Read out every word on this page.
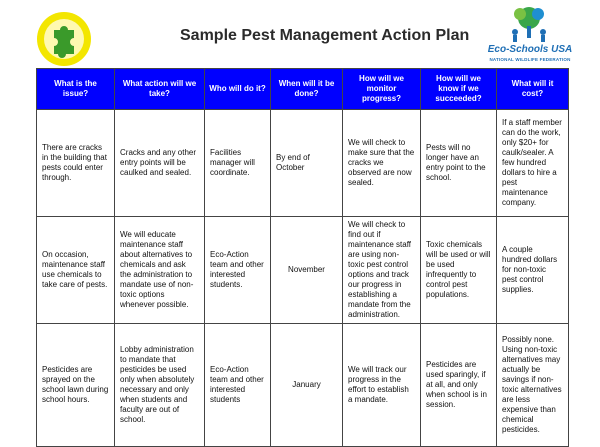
Sample Pest Management Action Plan
Eco-Schools USA
NATIONAL WILDLIFE FEDERATION
What is the issue?	What action will we take?	Who will do it?	When will it be done?	How will we monitor progress?	How will we know if we succeeded?	What will it cost?
There are cracks in the building that pests could enter through.	Cracks and any other entry points will be caulked and sealed.	Facilities manager will coordinate.	By end of October	We will check to make sure that the cracks we observed are now sealed.	Pests will no longer have an entry point to the school.	If a staff member can do the work, only $20+ for caulk/sealer. A few hundred dollars to hire a pest maintenance company.
On occasion, maintenance staff use chemicals to take care of pests.	We will educate maintenance staff about alternatives to chemicals and ask the administration to mandate use of non-toxic options whenever possible.	Eco-Action team and other interested students.	November	We will check to find out if maintenance staff are using non-toxic pest control options and track our progress in establishing a mandate from the administration.	Toxic chemicals will be used or will be used infrequently to control pest populations.	A couple hundred dollars for non-toxic pest control supplies.
Pesticides are sprayed on the school lawn during school hours.	Lobby administration to mandate that pesticides be used only when absolutely necessary and only when students and faculty are out of school.	Eco-Action team and other interested students	January	We will track our progress in the effort to establish a mandate.	Pesticides are used sparingly, if at all, and only when school is in session.	Possibly none. Using non-toxic alternatives may actually be savings if non-toxic alternatives are less expensive than chemical pesticides.
